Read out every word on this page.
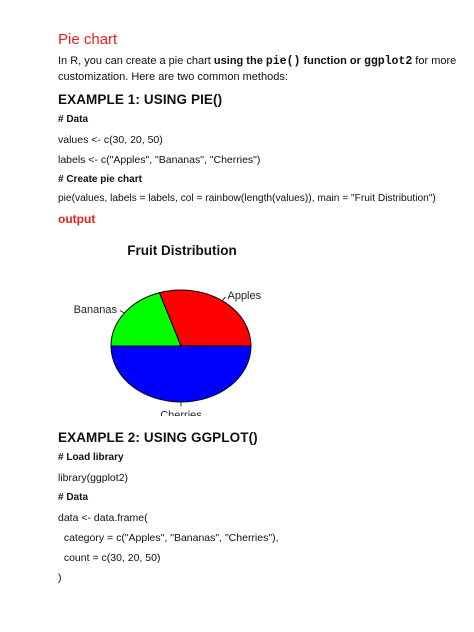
Pie chart
In R, you can create a pie chart using the pie() function or ggplot2 for more
customization. Here are two common methods:
EXAMPLE 1: USING PIE()
# Data
values <- c(30, 20, 50)
labels <- c("Apples", "Bananas", "Cherries")
# Create pie chart
pie(values, labels = labels, col = rainbow(length(values)), main = "Fruit Distribution")
output
Fruit Distribution
Apples
Bananas
Cherries
EXAMPLE 2: USING GGPLOT()
# Load library
library(ggplot2)
# Data
data <- data.frame(
category = c("Apples", "Bananas", "Cherries"),
count = c(30, 20, 50)
)
